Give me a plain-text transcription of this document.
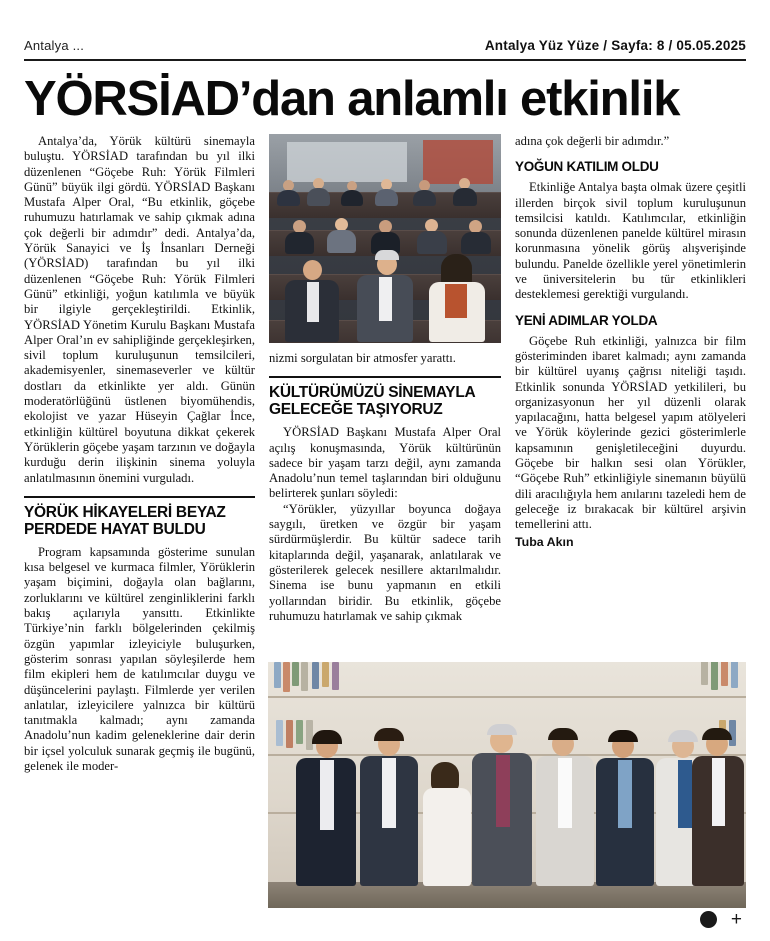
Antalya ...	Antalya Yüz Yüze / Sayfa: 8 / 05.05.2025
YÖRSİAD’dan anlamlı etkinlik

Antalya’da, Yörük kültürü sinemayla buluştu. YÖRSİAD tarafından bu yıl ilki düzenlenen “Göçebe Ruh: Yörük Filmleri Günü” büyük ilgi gördü. YÖRSİAD Başkanı Mustafa Alper Oral, “Bu etkinlik, göçebe ruhumuzu hatırlamak ve sahip çıkmak adına çok değerli bir adımdır” dedi. Antalya’da, Yörük Sanayici ve İş İnsanları Derneği (YÖRSİAD) tarafından bu yıl ilki düzenlenen “Göçebe Ruh: Yörük Filmleri Günü” etkinliği, yoğun katılımla ve büyük bir ilgiyle gerçekleştirildi. Etkinlik, YÖRSİAD Yönetim Kurulu Başkanı Mustafa Alper Oral’ın ev sahipliğinde gerçekleşirken, sivil toplum kuruluşunun temsilcileri, akademisyenler, sinemaseverler ve kültür dostları da etkinlikte yer aldı. Günün moderatörlüğünü üstlenen biyomühendis, ekolojist ve yazar Hüseyin Çağlar İnce, etkinliğin kültürel boyutuna dikkat çekerek Yörüklerin göçebe yaşam tarzının ve doğayla kurduğu derin ilişkinin sinema yoluyla anlatılmasının önemini vurguladı.

YÖRÜK HİKAYELERİ BEYAZ PERDEDE HAYAT BULDU

Program kapsamında gösterime sunulan kısa belgesel ve kurmaca filmler, Yörüklerin yaşam biçimini, doğayla olan bağlarını, zorluklarını ve kültürel zenginliklerini farklı bakış açılarıyla yansıttı. Etkinlikte Türkiye’nin farklı bölgelerinden çekilmiş özgün yapımlar izleyiciyle buluşurken, gösterim sonrası yapılan söyleşilerde hem film ekipleri hem de katılımcılar duygu ve düşüncelerini paylaştı. Filmlerde yer verilen anlatılar, izleyicilere yalnızca bir kültürü tanıtmakla kalmadı; aynı zamanda Anadolu’nun kadim geleneklerine dair derin bir içsel yolculuk sunarak geçmiş ile bugünü, gelenek ile moder-

nizmi sorgulatan bir atmosfer yarattı.

KÜLTÜRÜMÜZÜ SİNEMAYLA GELECEĞE TAŞIYORUZ

YÖRSİAD Başkanı Mustafa Alper Oral açılış konuşmasında, Yörük kültürünün sadece bir yaşam tarzı değil, aynı zamanda Anadolu’nun temel taşlarından biri olduğunu belirterek şunları söyledi:

“Yörükler, yüzyıllar boyunca doğaya saygılı, üretken ve özgür bir yaşam sürdürmüşlerdir. Bu kültür sadece tarih kitaplarında değil, yaşanarak, anlatılarak ve gösterilerek gelecek nesillere aktarılmalıdır. Sinema ise bunu yapmanın en etkili yollarından biridir. Bu etkinlik, göçebe ruhumuzu hatırlamak ve sahip çıkmak

adına çok değerli bir adımdır.”

YOĞUN KATILIM OLDU

Etkinliğe Antalya başta olmak üzere çeşitli illerden birçok sivil toplum kuruluşunun temsilcisi katıldı. Katılımcılar, etkinliğin sonunda düzenlenen panelde kültürel mirasın korunmasına yönelik görüş alışverişinde bulundu. Panelde özellikle yerel yönetimlerin ve üniversitelerin bu tür etkinlikleri desteklemesi gerektiği vurgulandı.

YENİ ADIMLAR YOLDA

Göçebe Ruh etkinliği, yalnızca bir film gösteriminden ibaret kalmadı; aynı zamanda bir kültürel uyanış çağrısı niteliği taşıdı. Etkinlik sonunda YÖRSİAD yetkilileri, bu organizasyonun her yıl düzenli olarak yapılacağını, hatta belgesel yapım atölyeleri ve Yörük köylerinde gezici gösterimlerle kapsamının genişletileceğini duyurdu. Göçebe bir halkın sesi olan Yörükler, “Göçebe Ruh” etkinliğiyle sinemanın büyülü dili aracılığıyla hem anılarını tazeledi hem de geleceğe iz bırakacak bir kültürel arşivin temellerini attı.

Tuba Akın
+
